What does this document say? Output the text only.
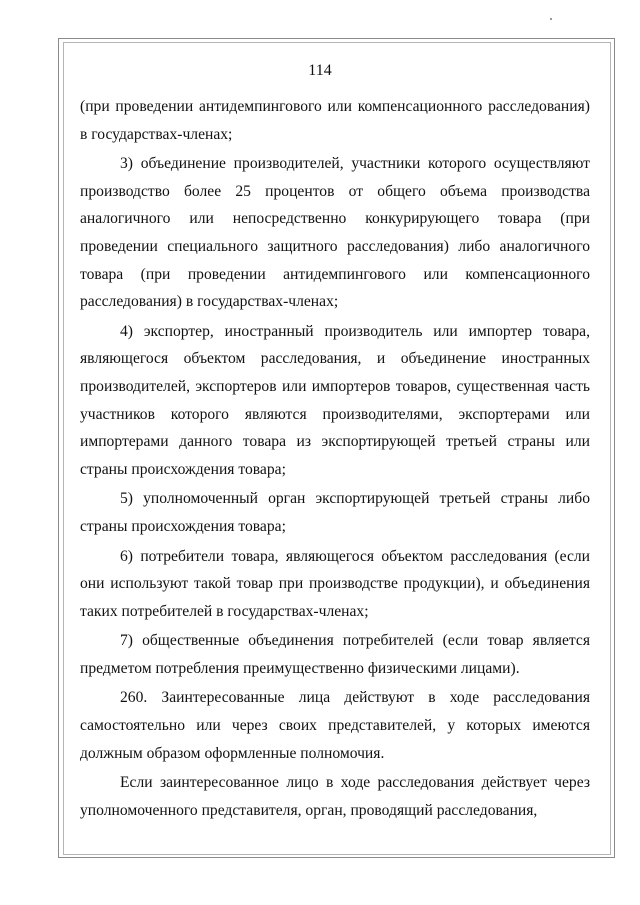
114

(при проведении антидемпингового или компенсационного расследования) в государствах-членах;

3) объединение производителей, участники которого осуществляют производство более 25 процентов от общего объема производства аналогичного или непосредственно конкурирующего товара (при проведении специального защитного расследования) либо аналогичного товара (при проведении антидемпингового или компенсационного расследования) в государствах-членах;

4) экспортер, иностранный производитель или импортер товара, являющегося объектом расследования, и объединение иностранных производителей, экспортеров или импортеров товаров, существенная часть участников которого являются производителями, экспортерами или импортерами данного товара из экспортирующей третьей страны или страны происхождения товара;

5) уполномоченный орган экспортирующей третьей страны либо страны происхождения товара;

6) потребители товара, являющегося объектом расследования (если они используют такой товар при производстве продукции), и объединения таких потребителей в государствах-членах;

7) общественные объединения потребителей (если товар является предметом потребления преимущественно физическими лицами).

260. Заинтересованные лица действуют в ходе расследования самостоятельно или через своих представителей, у которых имеются должным образом оформленные полномочия.

Если заинтересованное лицо в ходе расследования действует через уполномоченного представителя, орган, проводящий расследования,
